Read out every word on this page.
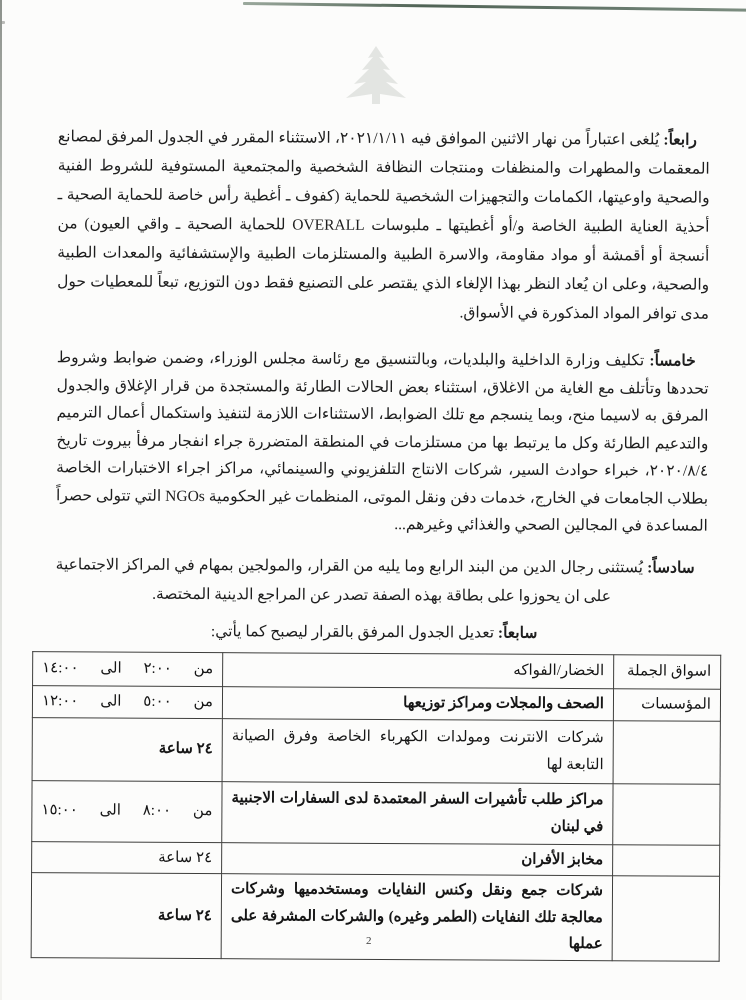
رابعاً: يُلغى اعتباراً من نهار الاثنين الموافق فيه ٢٠٢١/١/١١، الاستثناء المقرر في الجدول المرفق لمصانع المعقمات والمطهرات والمنظفات ومنتجات النظافة الشخصية والمجتمعية المستوفية للشروط الفنية والصحية واوعيتها، الكمامات والتجهيزات الشخصية للحماية (كفوف ـ أغطية رأس خاصة للحماية الصحية ـ أحذية العناية الطبية الخاصة و/أو أغطيتها ـ ملبوسات OVERALL للحماية الصحية ـ واقي العيون) من أنسجة أو أقمشة أو مواد مقاومة، والاسرة الطبية والمستلزمات الطبية والإستشفائية والمعدات الطبية والصحية، وعلى ان يُعاد النظر بهذا الإلغاء الذي يقتصر على التصنيع فقط دون التوزيع، تبعاً للمعطيات حول مدى توافر المواد المذكورة في الأسواق.

خامساً: تكليف وزارة الداخلية والبلديات، وبالتنسيق مع رئاسة مجلس الوزراء، وضمن ضوابط وشروط تحددها وتأتلف مع الغاية من الاغلاق، استثناء بعض الحالات الطارئة والمستجدة من قرار الإغلاق والجدول المرفق به لاسيما منح، وبما ينسجم مع تلك الضوابط، الاستثناءات اللازمة لتنفيذ واستكمال أعمال الترميم والتدعيم الطارئة وكل ما يرتبط بها من مستلزمات في المنطقة المتضررة جراء انفجار مرفأ بيروت تاريخ ٢٠٢٠/٨/٤، خبراء حوادث السير، شركات الانتاج التلفزيوني والسينمائي، مراكز اجراء الاختبارات الخاصة بطلاب الجامعات في الخارج، خدمات دفن ونقل الموتى، المنظمات غير الحكومية NGOs التي تتولى حصراً المساعدة في المجالين الصحي والغذائي وغيرهم...

سادساً: يُستثنى رجال الدين من البند الرابع وما يليه من القرار، والمولجين بمهام في المراكز الاجتماعية على ان يحوزوا على بطاقة بهذه الصفة تصدر عن المراجع الدينية المختصة.

سابعاً: تعديل الجدول المرفق بالقرار ليصبح كما يأتي:

اسواق الجملة	الخضار/الفواكه	من ٢:٠٠ الى ١٤:٠٠
المؤسسات	الصحف والمجلات ومراكز توزيعها	من ٥:٠٠ الى ١٢:٠٠
	شركات الانترنت ومولدات الكهرباء الخاصة وفرق الصيانة التابعة لها	‪٢٤ ساعة‬
	مراكز طلب تأشيرات السفر المعتمدة لدى السفارات الاجنبية في لبنان	من ٨:٠٠ الى ١٥:٠٠
	مخابز الأفران	‪٢٤ ساعة‬
	شركات جمع ونقل وكنس النفايات ومستخدميها وشركات معالجة تلك النفايات (الطمر وغيره) والشركات المشرفة على عملها	‪٢٤ ساعة‬
2
